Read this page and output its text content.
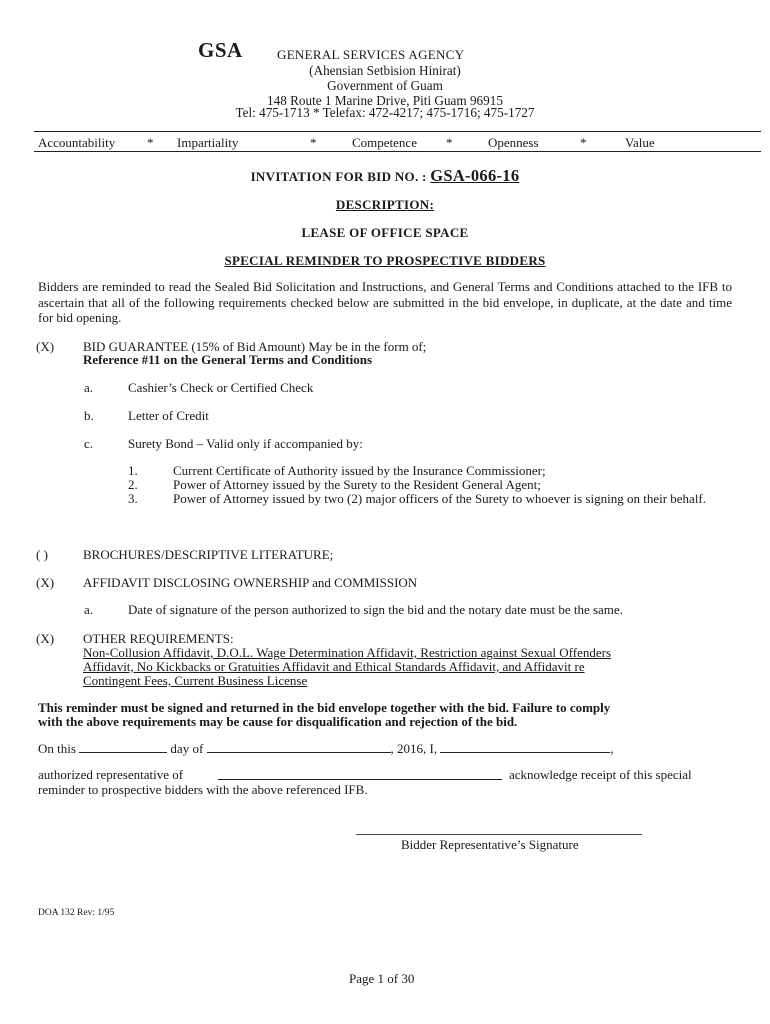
GSA	GENERAL SERVICES AGENCY
(Ahensian Setbision Hinirat)
Government of Guam
148 Route 1 Marine Drive, Piti Guam 96915
Tel: 475-1713 * Telefax: 472-4217; 475-1716; 475-1727
Accountability * Impartiality	*	Competence *	Openness	*	Value
INVITATION FOR BID NO. : GSA-066-16
DESCRIPTION:
LEASE OF OFFICE SPACE
SPECIAL REMINDER TO PROSPECTIVE BIDDERS
Bidders are reminded to read the Sealed Bid Solicitation and Instructions, and General Terms and Conditions attached to the IFB to ascertain that all of the following requirements checked below are submitted in the bid envelope, in duplicate, at the date and time for bid opening.
(X) BID GUARANTEE (15% of Bid Amount) May be in the form of;
Reference #11 on the General Terms and Conditions
a.	Cashier’s Check or Certified Check
b.	Letter of Credit
c.	Surety Bond – Valid only if accompanied by:
1.	Current Certificate of Authority issued by the Insurance Commissioner;
2.	Power of Attorney issued by the Surety to the Resident General Agent;
3.	Power of Attorney issued by two (2) major officers of the Surety to whoever is signing on their behalf.
( )	BROCHURES/DESCRIPTIVE LITERATURE;
(X) AFFIDAVIT DISCLOSING OWNERSHIP and COMMISSION
a.	Date of signature of the person authorized to sign the bid and the notary date must be the same.
(X) OTHER REQUIREMENTS:
Non-Collusion Affidavit, D.O.L. Wage Determination Affidavit, Restriction against Sexual Offenders
Affidavit, No Kickbacks or Gratuities Affidavit and Ethical Standards Affidavit, and Affidavit re
Contingent Fees, Current Business License
This reminder must be signed and returned in the bid envelope together with the bid. Failure to comply
with the above requirements may be cause for disqualification and rejection of the bid.
On this	day of	, 2016, I,	,
authorized representative of	acknowledge receipt of this special
reminder to prospective bidders with the above referenced IFB.
Bidder Representative’s Signature
DOA 132 Rev: 1/95
Page 1 of 30
